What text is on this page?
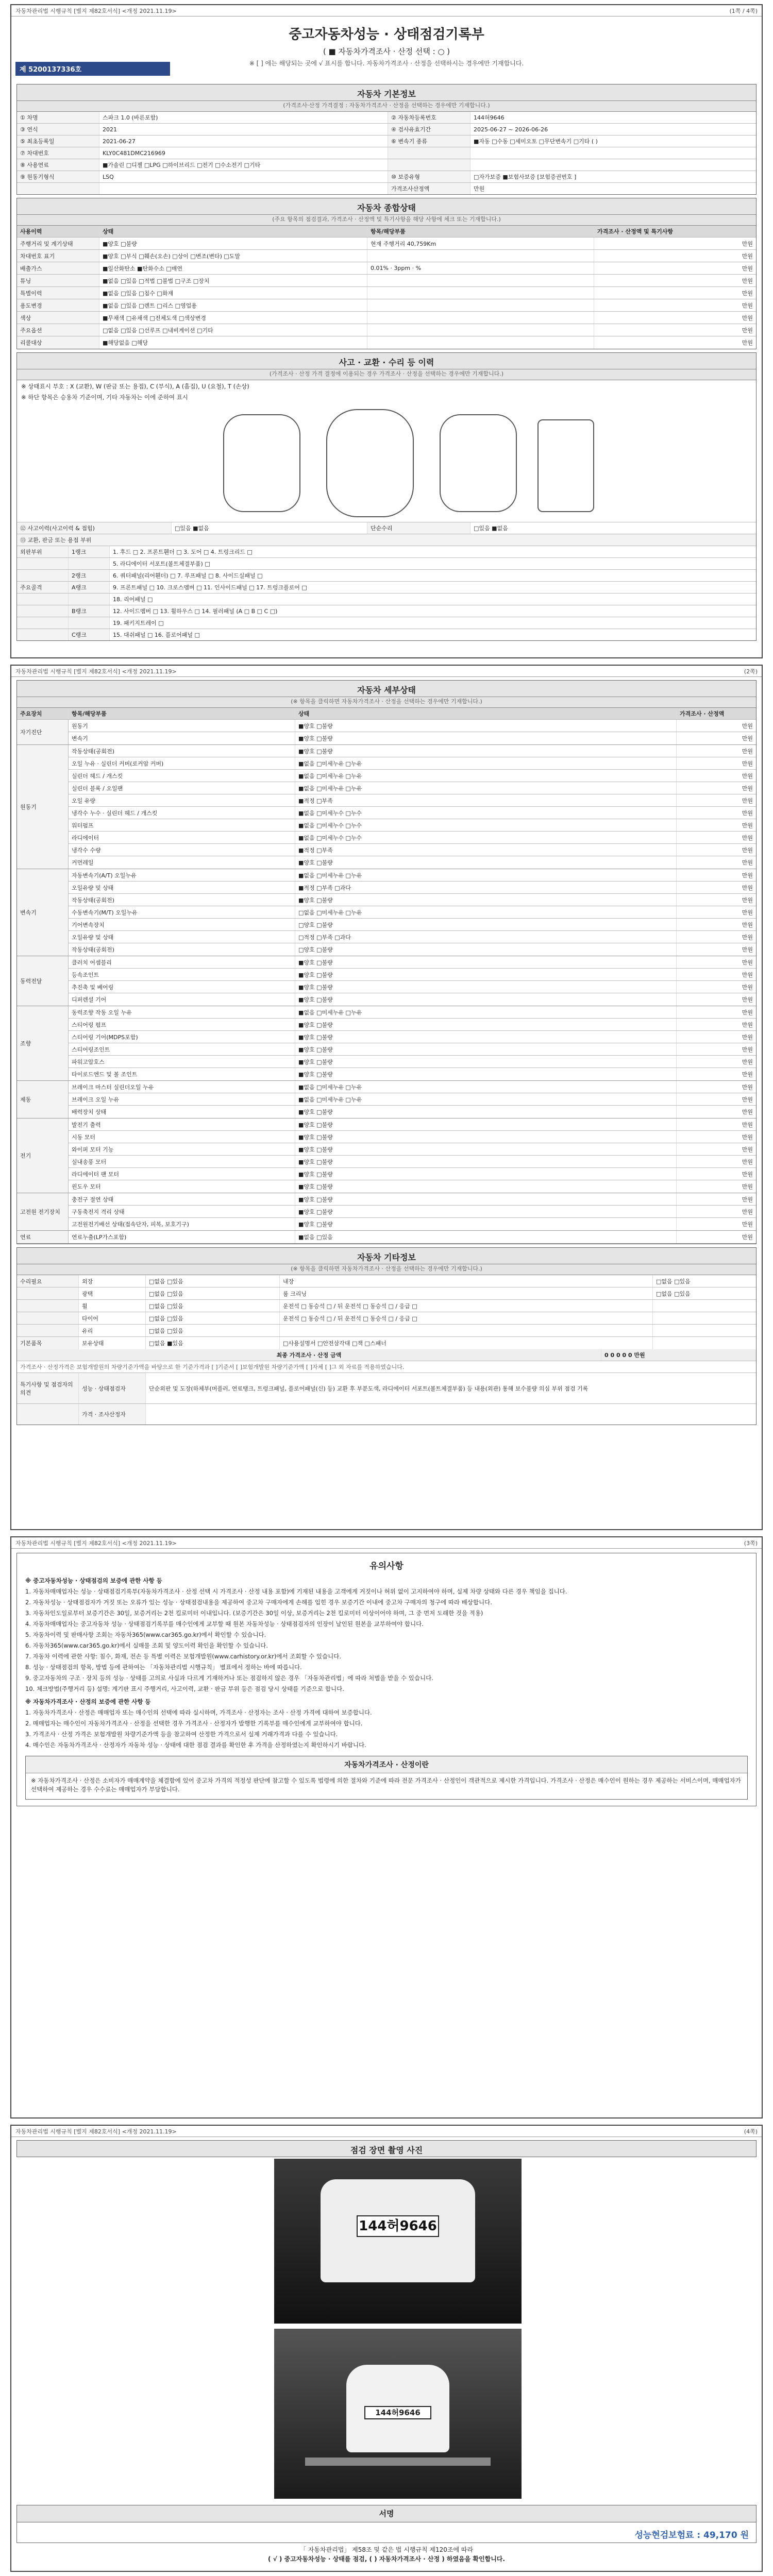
자동차관리법 시행규칙 [별지 제82호서식] <개정 2021.11.19>	(1쪽 / 4쪽)
중고자동차성능 · 상태점검기록부
( ■ 자동차가격조사 · 산정 선택 : ○ )
※ [ ] 에는 해당되는 곳에 √ 표시를 합니다. 자동차가격조사 · 산정을 선택하시는 경우에만 기재합니다.
제 5200137336호
자동차 기본정보
(가격조사·산정 가격결정 : 자동차가격조사 · 산정을 선택하는 경우에만 기재합니다.)
① 차명	스파크 1.0 (바른포함)	② 자동차등록번호	144허9646
③ 연식	2021	④ 검사유효기간	2025-06-27 ~ 2026-06-26
⑤ 최초등록일	2021-06-27	⑥ 변속기 종류	■자동 □수동 □세미오토 □무단변속기 □기타 ( )
⑦ 차대번호	KLY0C481DMC216969
⑧ 사용연료	■가솔린 □디젤 □LPG □하이브리드 □전기 □수소전기 □기타
⑨ 원동기형식	LSQ	⑩ 보증유형	□자가보증 ■보험사보증 [보험증권번호 ]
가격조사산정액	만원
자동차 종합상태
(주요 항목의 점검결과, 가격조사 · 산정액 및 특기사항을 해당 사항에 체크 또는 기재합니다.)
사용이력	상태	항목/해당부품	가격조사 · 산정액 및 특기사항
주행거리 및 계기상태	■양호 □불량	현재 주행거리 40,759Km	만원
차대번호 표기	■양호 □부식 □훼손(오손) □상이 □변조(변타) □도말	만원
배출가스	■일산화탄소 ■탄화수소 □매연	0.01% · 3ppm · %	만원
튜닝	■없음 □있음 □적법 □불법 □구조 □장치	만원
특별이력	■없음 □있음 □침수 □화재	만원
용도변경	■없음 □있음 □렌트 □리스 □영업용	만원
색상	■무채색 □유채색 □전체도색 □색상변경	만원
주요옵션	□없음 □있음 □선루프 □내비게이션 □기타	만원
리콜대상	■해당없음 □해당	만원
사고 · 교환 · 수리 등 이력
(가격조사 · 산정 가격 결정에 이용되는 경우 가격조사 · 산정을 선택하는 경우에만 기재합니다.)
※ 상태표시 부호 : X (교환), W (판금 또는 용접), C (부식), A (흠집), U (요철), T (손상)
※ 하단 항목은 승용차 기준이며, 기타 자동차는 이에 준하여 표시
⑫ 사고이력(사고이력 & 접힘)	□있음 ■없음	단순수리	□있음 ■없음
⑬ 교환, 판금 또는 용접 부위
외판부위	1랭크	1. 후드 □ 2. 프론트휀더 □ 3. 도어 □ 4. 트렁크리드 □
5. 라디에이터 서포트(볼트체결부품) □
2랭크	6. 쿼터패널(리어휀더) □ 7. 루프패널 □ 8. 사이드실패널 □
주요골격	A랭크	9. 프론트패널 □ 10. 크로스멤버 □ 11. 인사이드패널 □ 17. 트렁크플로어 □
18. 리어패널 □
B랭크	12. 사이드멤버 □ 13. 휠하우스 □ 14. 필러패널 (A □ B □ C □)
19. 패키지트레이 □
C랭크	15. 대쉬패널 □ 16. 플로어패널 □
자동차관리법 시행규칙 [별지 제82호서식] <개정 2021.11.19>	(2쪽)
자동차 세부상태
(※ 항목을 클릭하면 자동차가격조사 · 산정을 선택하는 경우에만 기재합니다.)
주요장치	항목/해당부품	상태	가격조사 · 산정액
자기진단
원동기	■양호 □불량	만원
변속기	■양호 □불량	만원
원동기
작동상태(공회전)	■양호 □불량	만원
오일 누유 · 실린더 커버(로커암 커버)	■없음 □미세누유 □누유	만원
실린더 헤드 / 개스킷	■없음 □미세누유 □누유	만원
실린더 블록 / 오일팬	■없음 □미세누유 □누유	만원
오일 유량	■적정 □부족	만원
냉각수 누수 · 실린더 헤드 / 개스킷	■없음 □미세누수 □누수	만원
워터펌프	■없음 □미세누수 □누수	만원
라디에이터	■없음 □미세누수 □누수	만원
냉각수 수량	■적정 □부족	만원
커먼레일	■양호 □불량	만원
변속기
자동변속기(A/T) 오일누유	■없음 □미세누유 □누유	만원
오일유량 및 상태	■적정 □부족 □과다	만원
작동상태(공회전)	■양호 □불량	만원
수동변속기(M/T) 오일누유	□없음 □미세누유 □누유	만원
기어변속장치	□양호 □불량	만원
오일유량 및 상태	□적정 □부족 □과다	만원
작동상태(공회전)	□양호 □불량	만원
동력전달
클러치 어셈블리	■양호 □불량	만원
등속조인트	■양호 □불량	만원
추진축 및 베어링	■양호 □불량	만원
디퍼렌셜 기어	■양호 □불량	만원
조향
동력조향 작동 오일 누유	■없음 □미세누유 □누유	만원
스티어링 펌프	■양호 □불량	만원
스티어링 기어(MDPS포함)	■양호 □불량	만원
스티어링조인트	■양호 □불량	만원
파워고압호스	■양호 □불량	만원
타이로드엔드 및 볼 조인트	■양호 □불량	만원
제동
브레이크 마스터 실린더오일 누유	■없음 □미세누유 □누유	만원
브레이크 오일 누유	■없음 □미세누유 □누유	만원
배력장치 상태	■양호 □불량	만원
전기
발전기 출력	■양호 □불량	만원
시동 모터	■양호 □불량	만원
와이퍼 모터 기능	■양호 □불량	만원
실내송풍 모터	■양호 □불량	만원
라디에이터 팬 모터	■양호 □불량	만원
윈도우 모터	■양호 □불량	만원
고전원 전기장치
충전구 절연 상태	■양호 □불량	만원
구동축전지 격리 상태	■양호 □불량	만원
고전원전기배선 상태(접속단자, 피복, 보호기구)	■양호 □불량	만원
연료	연료누출(LP가스포함)	■없음 □있음	만원
자동차 기타정보
(※ 항목을 클릭하면 자동차가격조사 · 산정을 선택하는 경우에만 기재합니다.)
수리필요	외장	□없음 □있음	내장	□없음 □있음
광택	□없음 □있음	룸 크리닝	□없음 □있음
휠	□없음 □있음	운전석 □ 동승석 □ / 뒤 운전석 □ 동승석 □ / 응급 □
타이어	□없음 □있음	운전석 □ 동승석 □ / 뒤 운전석 □ 동승석 □ / 응급 □
유리	□없음 □있음
기본품목	보유상태	□없음 ■있음	□사용설명서 □안전삼각대 □잭 □스패너
최종 가격조사 · 산정 금액	0 0 0 0 0 만원
가격조사 · 산정가격은 보험개발원의 차량기준가액을 바탕으로 한 기준가격과 [ ]기준서 [ ]보험개발원 차량기준가액 [ ]자체 [ ]그 외 자료를 적용하였습니다.
특기사항 및 점검자의 의견
성능 · 상태점검자	단순외판 및 도장(하체부(머플러, 연료탱크, 트렁크패널, 플로어패널(신) 등) 교환 후 부분도색, 라디에이터 서포트(볼트체결부품) 등 내용(외관) 통해 보수불량 의심 부위 점검 기록
가격 · 조사산정자
자동차관리법 시행규칙 [별지 제82호서식] <개정 2021.11.19>	(3쪽)
유의사항
※ 중고자동차성능 · 상태점검의 보증에 관한 사항 등
1. 자동차매매업자는 성능 · 상태점검기록부(자동차가격조사 · 산정 선택 시 가격조사 · 산정 내용 포함)에 기재된 내용을 고객에게 거짓이나 허위 없이 고지하여야 하며, 실제 차량 상태와 다른 경우 책임을 집니다.
2. 자동차성능 · 상태점검자가 거짓 또는 오류가 있는 성능 · 상태점검내용을 제공하여 중고차 구매자에게 손해를 입힌 경우 보증기간 이내에 중고차 구매자의 청구에 따라 배상합니다.
3. 자동차인도일로부터 보증기간은 30일, 보증거리는 2천 킬로미터 이내입니다. (보증기간은 30일 이상, 보증거리는 2천 킬로미터 이상이어야 하며, 그 중 먼저 도래한 것을 적용)
4. 자동차매매업자는 중고자동차 성능 · 상태점검기록부를 매수인에게 교부할 때 원본 자동차성능 · 상태점검자의 인장이 날인된 원본을 교부하여야 합니다.
5. 자동차이력 및 판매사항 조회는 자동차365(www.car365.go.kr)에서 확인할 수 있습니다.
6. 자동차365(www.car365.go.kr)에서 실매물 조회 및 양도이력 확인을 확인할 수 있습니다.
7. 자동차 이력에 관한 사항: 침수, 화재, 전손 등 특별 이력은 보험개발원(www.carhistory.or.kr)에서 조회할 수 있습니다.
8. 성능 · 상태점검의 항목, 방법 등에 관하여는 「자동차관리법 시행규칙」 별표에서 정하는 바에 따릅니다.
9. 중고자동차의 구조 · 장치 등의 성능 · 상태를 고의로 사실과 다르게 기재하거나 또는 점검하지 않은 경우 「자동차관리법」에 따라 처벌을 받을 수 있습니다.
10. 체크방법(주행거리 등) 설명: 계기판 표시 주행거리, 사고이력, 교환 · 판금 부위 등은 점검 당시 상태를 기준으로 합니다.
※ 자동차가격조사 · 산정의 보증에 관한 사항 등
1. 자동차가격조사 · 산정은 매매업자 또는 매수인의 선택에 따라 실시하며, 가격조사 · 산정자는 조사 · 산정 가격에 대하여 보증합니다.
2. 매매업자는 매수인이 자동차가격조사 · 산정을 선택한 경우 가격조사 · 산정자가 발행한 기록부를 매수인에게 교부하여야 합니다.
3. 가격조사 · 산정 가격은 보험개발원 차량기준가액 등을 참고하여 산정한 가격으로서 실제 거래가격과 다를 수 있습니다.
4. 매수인은 자동차가격조사 · 산정자가 자동차 성능 · 상태에 대한 점검 결과를 확인한 후 가격을 산정하였는지 확인하시기 바랍니다.
자동차가격조사 · 산정이란
※ 자동차가격조사 · 산정은 소비자가 매매계약을 체결함에 있어 중고차 가격의 적정성 판단에 참고할 수 있도록 법령에 의한 절차와 기준에 따라 전문 가격조사 · 산정인이 객관적으로 제시한 가격입니다. 가격조사 · 산정은 매수인이 원하는 경우 제공하는 서비스이며, 매매업자가 선택하여 제공하는 경우 수수료는 매매업자가 부담합니다.
자동차관리법 시행규칙 [별지 제82호서식] <개정 2021.11.19>	(4쪽)
점검 장면 촬영 사진
144허9646
144허9646
서명
성능현검보험료 : 49,170 원
「 자동차관리법」 제58조 및 같은 법 시행규칙 제120조에 따라
( √ ) 중고자동차성능 · 상태를 점검, ( ) 자동차가격조사 · 산정 ) 하였음을 확인합니다.
